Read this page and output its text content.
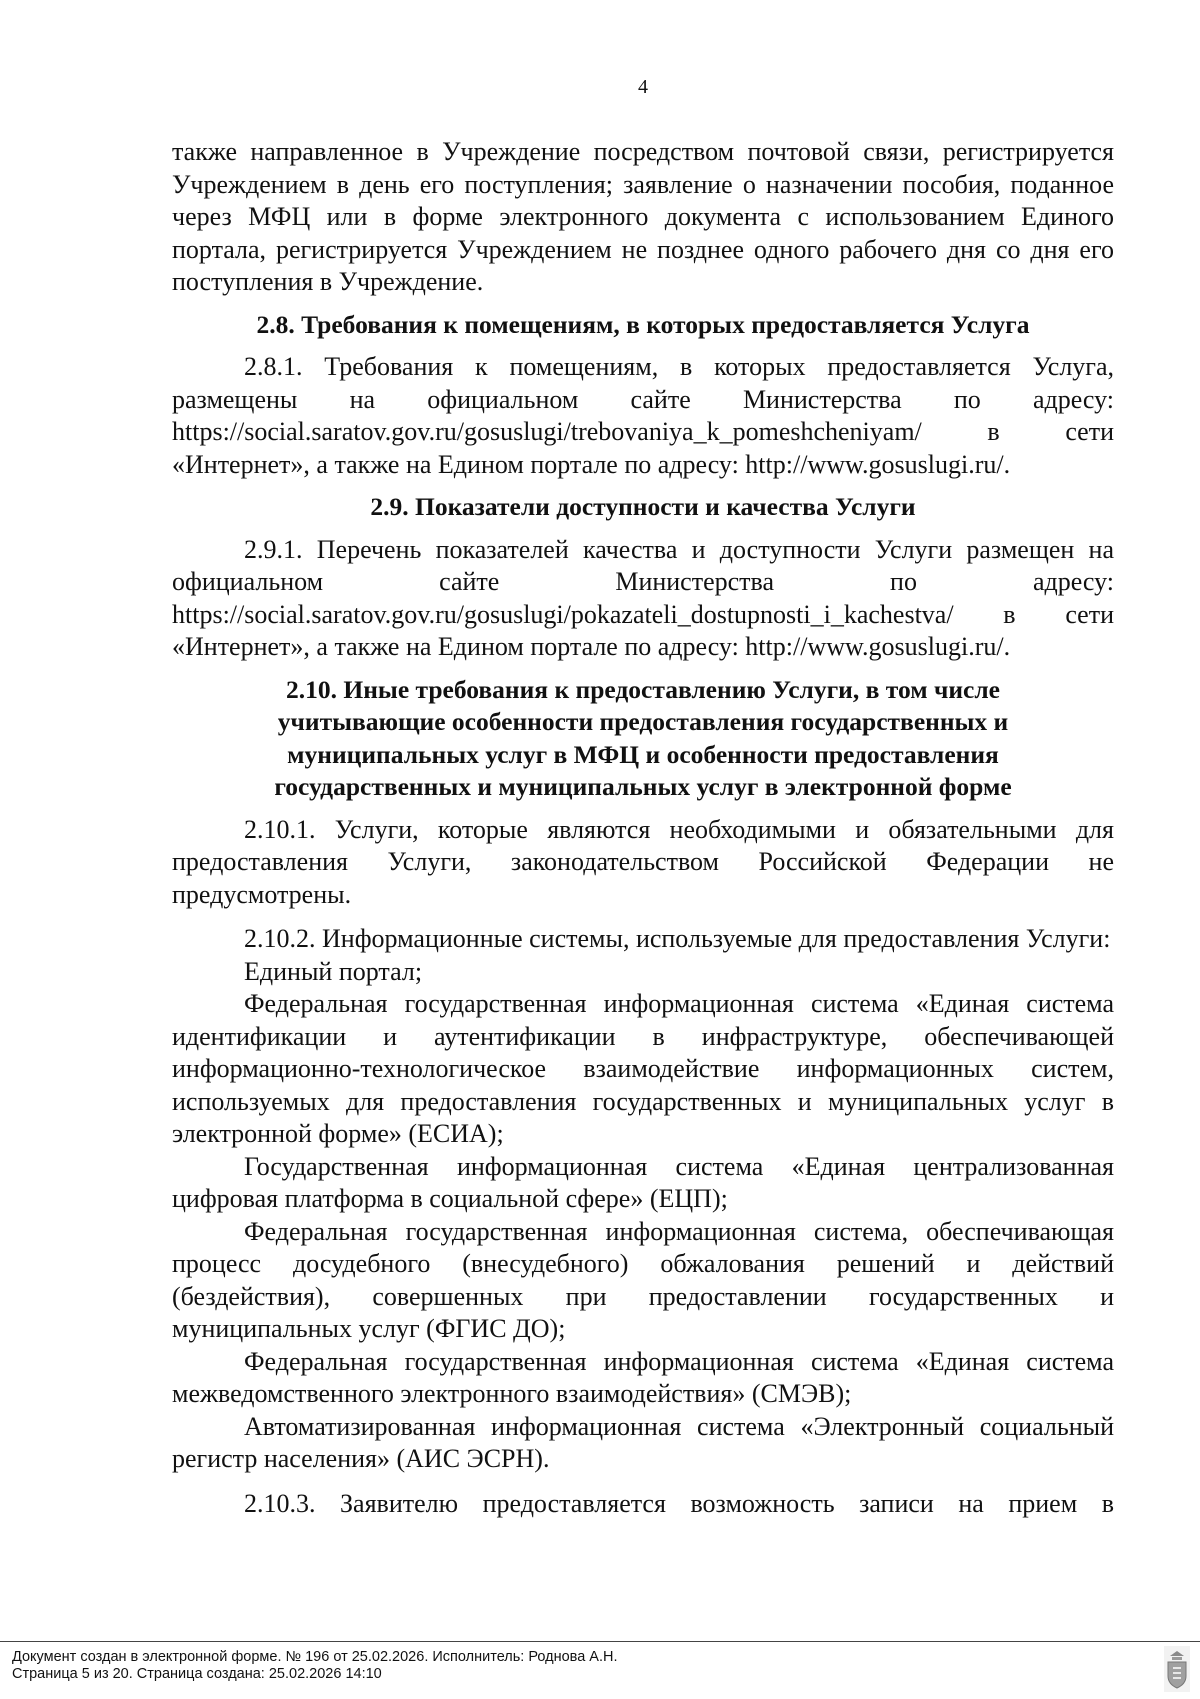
4

также направленное в Учреждение посредством почтовой связи, регистрируется Учреждением в день его поступления; заявление о назначении пособия, поданное через МФЦ или в форме электронного документа с использованием Единого портала, регистрируется Учреждением не позднее одного рабочего дня со дня его поступления в Учреждение.

2.8. Требования к помещениям, в которых предоставляется Услуга

2.8.1. Требования к помещениям, в которых предоставляется Услуга, размещены на официальном сайте Министерства по адресу: https://social.saratov.gov.ru/gosuslugi/trebovaniya_k_pomeshcheniyam/ в сети «Интернет», а также на Едином портале по адресу: http://www.gosuslugi.ru/.

2.9. Показатели доступности и качества Услуги

2.9.1. Перечень показателей качества и доступности Услуги размещен на официальном сайте Министерства по адресу: https://social.saratov.gov.ru/gosuslugi/pokazateli_dostupnosti_i_kachestva/ в сети «Интернет», а также на Едином портале по адресу: http://www.gosuslugi.ru/.

2.10. Иные требования к предоставлению Услуги, в том числе учитывающие особенности предоставления государственных и муниципальных услуг в МФЦ и особенности предоставления государственных и муниципальных услуг в электронной форме

2.10.1. Услуги, которые являются необходимыми и обязательными для предоставления Услуги, законодательством Российской Федерации не предусмотрены.

2.10.2. Информационные системы, используемые для предоставления Услуги:

Единый портал;

Федеральная государственная информационная система «Единая система идентификации и аутентификации в инфраструктуре, обеспечивающей информационно-технологическое взаимодействие информационных систем, используемых для предоставления государственных и муниципальных услуг в электронной форме» (ЕСИА);

Государственная информационная система «Единая централизованная цифровая платформа в социальной сфере» (ЕЦП);

Федеральная государственная информационная система, обеспечивающая процесс досудебного (внесудебного) обжалования решений и действий (бездействия), совершенных при предоставлении государственных и муниципальных услуг (ФГИС ДО);

Федеральная государственная информационная система «Единая система межведомственного электронного взаимодействия» (СМЭВ);

Автоматизированная информационная система «Электронный социальный регистр населения» (АИС ЭСРН).

2.10.3. Заявителю предоставляется возможность записи на прием в

Документ создан в электронной форме. № 196 от 25.02.2026. Исполнитель: Роднова А.Н.
Страница 5 из 20. Страница создана: 25.02.2026 14:10
